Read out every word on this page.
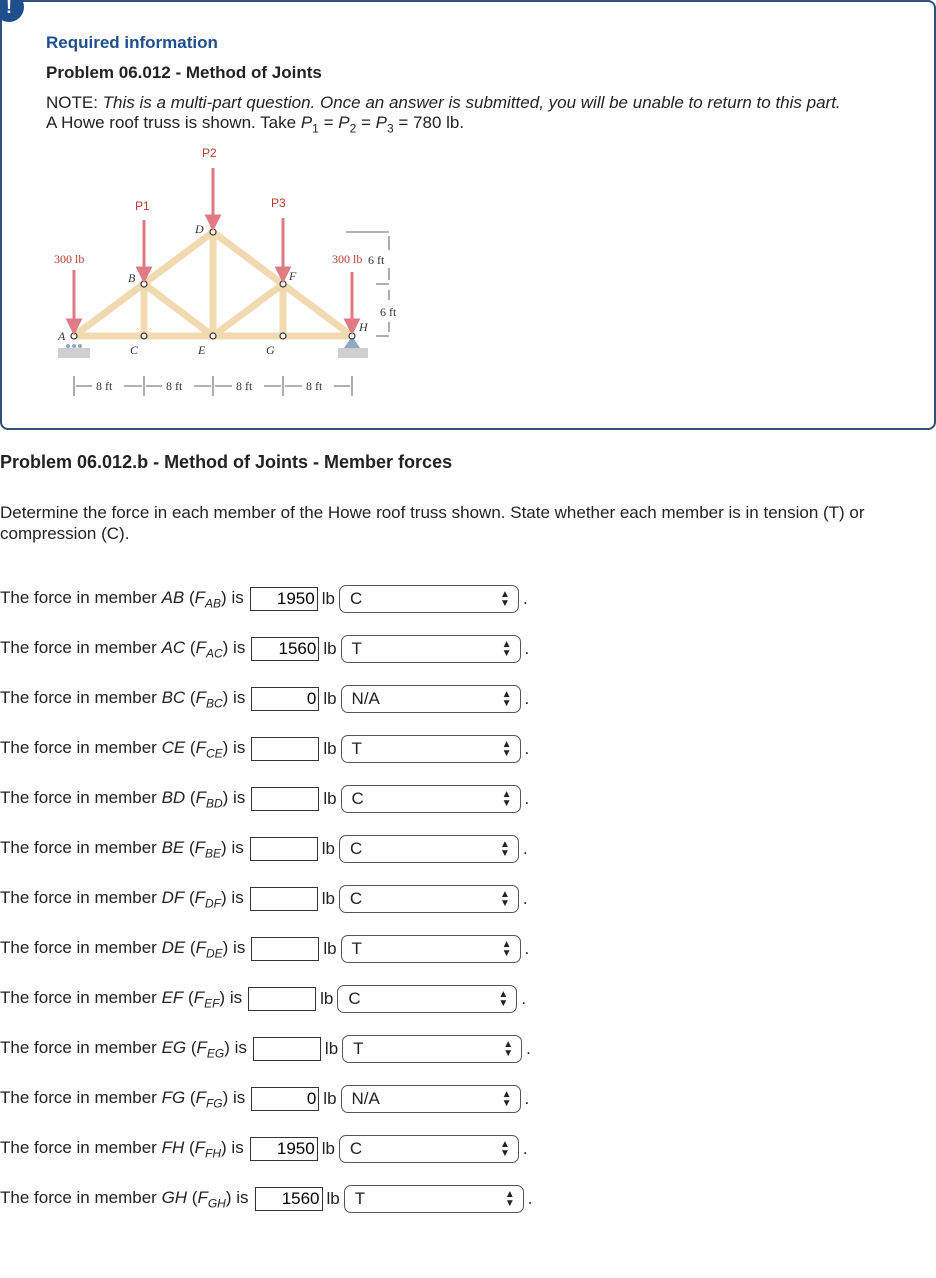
!
Required information
Problem 06.012 - Method of Joints
NOTE: This is a multi-part question. Once an answer is submitted, you will be unable to return to this part.
A Howe roof truss is shown. Take $P_1 = P_2 = P_3 = 780$ lb.
P1
P2
P3
300 lb	300 lb
A
B
C
D
E
F
G
H
6 ft
6 ft
8 ft	8 ft	8 ft	8 ft
Problem 06.012.b - Method of Joints - Member forces
Determine the force in each member of the Howe roof truss shown. State whether each member is in tension (T) or compression (C).
The force in member AB $(F_{AB})$ is
1950	lb C	▲
▼ .
The force in member AC $(F_{AC})$ is
1560	lb T	▲
▼ .
The force in member BC $(F_{BC})$ is
0	lb N/A	▲
▼ .
The force in member CE $(F_{CE})$ is	lb T	▲
▼ .
The force in member BD $(F_{BD})$ is	lb C	▲
▼ .
The force in member BE $(F_{BE})$ is	lb C	▲
▼ .
The force in member DF $(F_{DF})$ is	lb C	▲
▼ .
The force in member DE $(F_{DE})$ is	lb T	▲
▼ .
The force in member EF $(F_{EF})$ is	lb C	▲
▼ .
The force in member EG $(F_{EG})$ is	lb T	▲
▼ .
The force in member FG $(F_{FG})$ is
0	lb N/A	▲
▼ .
The force in member FH $(F_{FH})$ is
1950	lb C	▲
▼ .
The force in member GH $(F_{GH})$ is
1560	lb T	▲
▼ .
